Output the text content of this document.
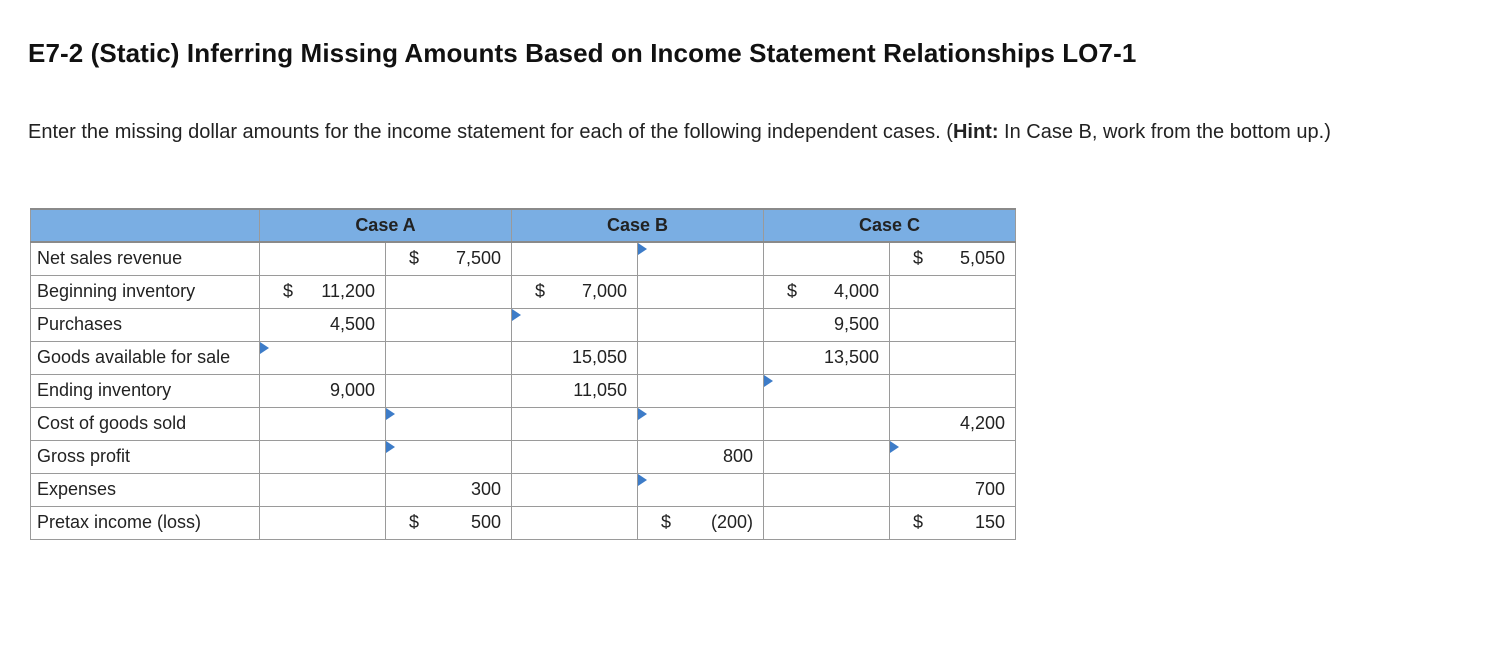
E7-2 (Static) Inferring Missing Amounts Based on Income Statement Relationships LO7-1

Enter the missing dollar amounts for the income statement for each of the following independent cases. (Hint: In Case B, work from the bottom up.)

	Case A		Case B		Case C	
Net sales revenue		$ 7,500				$ 5,050

Beginning inventory	$ 11,200		$ 7,000		$ 4,000	

Purchases	4,500				9,500	

Goods available for sale			15,050		13,500	

Ending inventory	9,000		11,050			

Cost of goods sold						4,200

Gross profit				800		

Expenses		300				700

Pretax income (loss)		$ 500		$ (200)		$ 150
